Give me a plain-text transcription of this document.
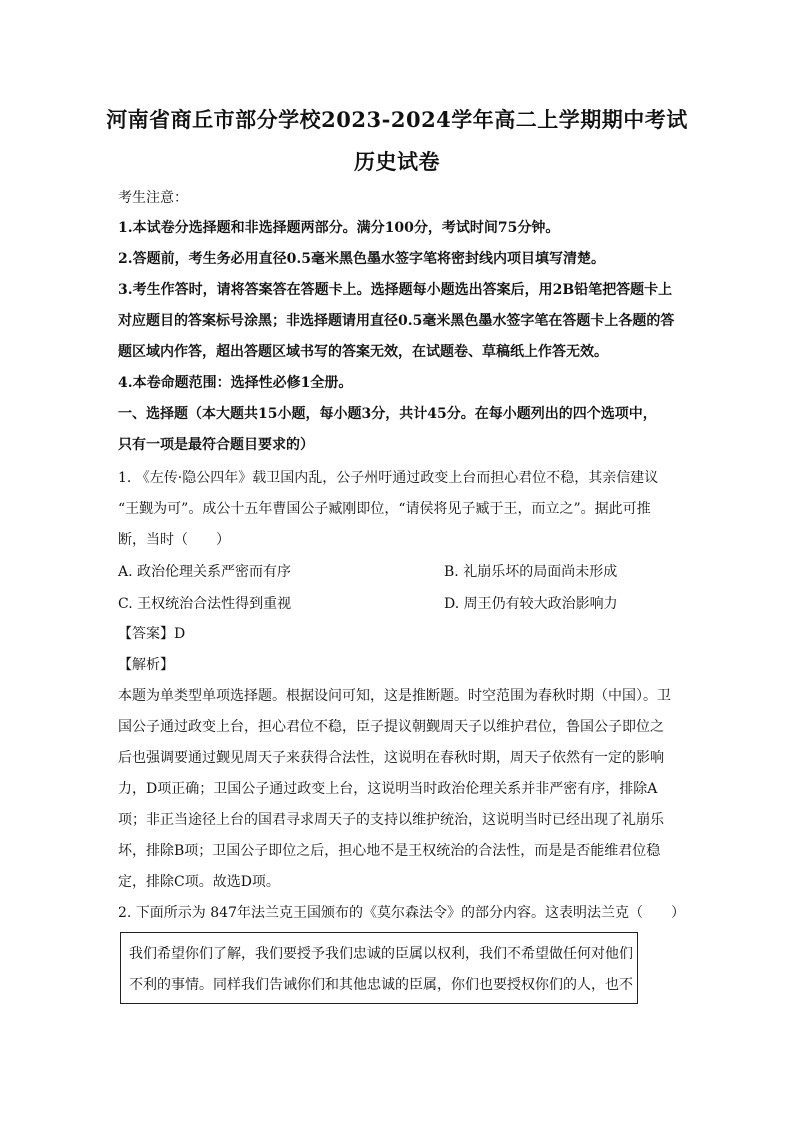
河南省商丘市部分学校2023-2024学年高二上学期期中考试
历史试卷
考生注意：
1.本试卷分选择题和非选择题两部分。满分100分，考试时间75分钟。
2.答题前，考生务必用直径0.5毫米黑色墨水签字笔将密封线内项目填写清楚。
3.考生作答时，请将答案答在答题卡上。选择题每小题选出答案后，用2B铅笔把答题卡上
对应题目的答案标号涂黑；非选择题请用直径0.5毫米黑色墨水签字笔在答题卡上各题的答
题区域内作答，超出答题区域书写的答案无效，在试题卷、草稿纸上作答无效。
4.本卷命题范围：选择性必修1全册。
一、选择题（本大题共15小题，每小题3分，共计45分。在每小题列出的四个选项中，
只有一项是最符合题目要求的）
1. 《左传·隐公四年》载卫国内乱，公子州吁通过政变上台而担心君位不稳，其亲信建议
“王觐为可”。成公十五年曹国公子臧刚即位，“请侯将见子臧于王，而立之”。据此可推
断，当时（　　）
A. 政治伦理关系严密而有序	B. 礼崩乐坏的局面尚未形成
C. 王权统治合法性得到重视	D. 周王仍有较大政治影响力
【答案】D
【解析】
本题为单类型单项选择题。根据设问可知，这是推断题。时空范围为春秋时期（中国）。卫
国公子通过政变上台，担心君位不稳，臣子提议朝觐周天子以维护君位，鲁国公子即位之
后也强调要通过觐见周天子来获得合法性，这说明在春秋时期，周天子依然有一定的影响
力，D项正确；卫国公子通过政变上台，这说明当时政治伦理关系并非严密有序，排除A
项；非正当途径上台的国君寻求周天子的支持以维护统治，这说明当时已经出现了礼崩乐
坏，排除B项；卫国公子即位之后，担心地不是王权统治的合法性，而是是否能维君位稳
定，排除C项。故选D项。
2. 下面所示为 847年法兰克王国颁布的《莫尔森法令》的部分内容。这表明法兰克（　　）
我们希望你们了解，我们要授予我们忠诚的臣属以权利，我们不希望做任何对他们
不利的事情。同样我们告诫你们和其他忠诚的臣属，你们也要授权你们的人，也不
